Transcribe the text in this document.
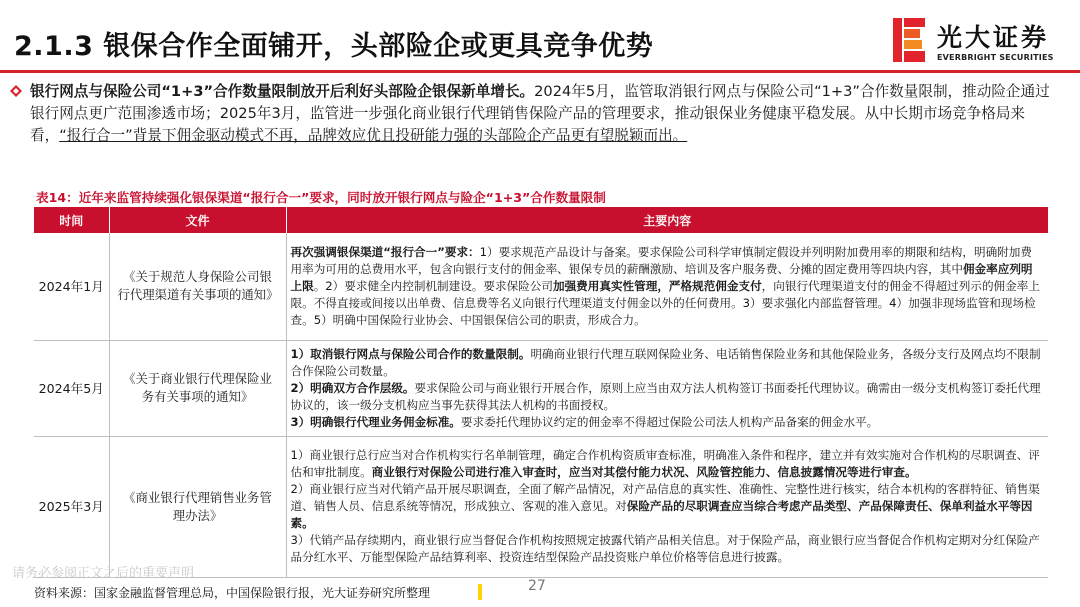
2.1.3 银保合作全面铺开，头部险企或更具竞争优势	光大证券
EVERBRIGHT SECURITIES
银行网点与保险公司“1+3”合作数量限制放开后利好头部险企银保新单增长。2024年5月，监管取消银行网点与保险公司“1+3”合作数量限制，推动险企通过银行网点更广范围渗透市场；2025年3月，监管进一步强化商业银行代理销售保险产品的管理要求，推动银保业务健康平稳发展。从中长期市场竞争格局来看，“报行合一”背景下佣金驱动模式不再，品牌效应优且投研能力强的头部险企产品更有望脱颖而出。
表14：近年来监管持续强化银保渠道“报行合一”要求，同时放开银行网点与险企“1+3”合作数量限制
时间	文件	主要内容
2024年1月	《关于规范人身保险公司银行代理渠道有关事项的通知》	再次强调银保渠道“报行合一”要求：1）要求规范产品设计与备案。要求保险公司科学审慎制定假设并列明附加费用率的期限和结构，明确附加费用率为可用的总费用水平，包含向银行支付的佣金率、银保专员的薪酬激励、培训及客户服务费、分摊的固定费用等四块内容，其中佣金率应列明上限。2）要求健全内控制机制建设。要求保险公司加强费用真实性管理，严格规范佣金支付，向银行代理渠道支付的佣金不得超过列示的佣金率上限。不得直接或间接以出单费、信息费等名义向银行代理渠道支付佣金以外的任何费用。3）要求强化内部监督管理。4）加强非现场监管和现场检查。5）明确中国保险行业协会、中国银保信公司的职责，形成合力。
2024年5月	《关于商业银行代理保险业务有关事项的通知》	1）取消银行网点与保险公司合作的数量限制。明确商业银行代理互联网保险业务、电话销售保险业务和其他保险业务，各级分支行及网点均不限制合作保险公司数量。
2）明确双方合作层级。要求保险公司与商业银行开展合作，原则上应当由双方法人机构签订书面委托代理协议。确需由一级分支机构签订委托代理协议的，该一级分支机构应当事先获得其法人机构的书面授权。
3）明确银行代理业务佣金标准。要求委托代理协议约定的佣金率不得超过保险公司法人机构产品备案的佣金水平。
2025年3月	《商业银行代理销售业务管理办法》	1）商业银行总行应当对合作机构实行名单制管理，确定合作机构资质审查标准，明确准入条件和程序，建立并有效实施对合作机构的尽职调查、评估和审批制度。商业银行对保险公司进行准入审查时，应当对其偿付能力状况、风险管控能力、信息披露情况等进行审查。
2）商业银行应当对代销产品开展尽职调查，全面了解产品情况，对产品信息的真实性、准确性、完整性进行核实，结合本机构的客群特征、销售渠道、销售人员、信息系统等情况，形成独立、客观的准入意见。对保险产品的尽职调查应当综合考虑产品类型、产品保障责任、保单利益水平等因素。
3）代销产品存续期内，商业银行应当督促合作机构按照规定披露代销产品相关信息。对于保险产品，商业银行应当督促合作机构定期对分红保险产品分红水平、万能型保险产品结算利率、投资连结型保险产品投资账户单位价格等信息进行披露。
请务必参阅正文之后的重要声明
资料来源：国家金融监督管理总局，中国保险银行报，光大证券研究所整理	27
